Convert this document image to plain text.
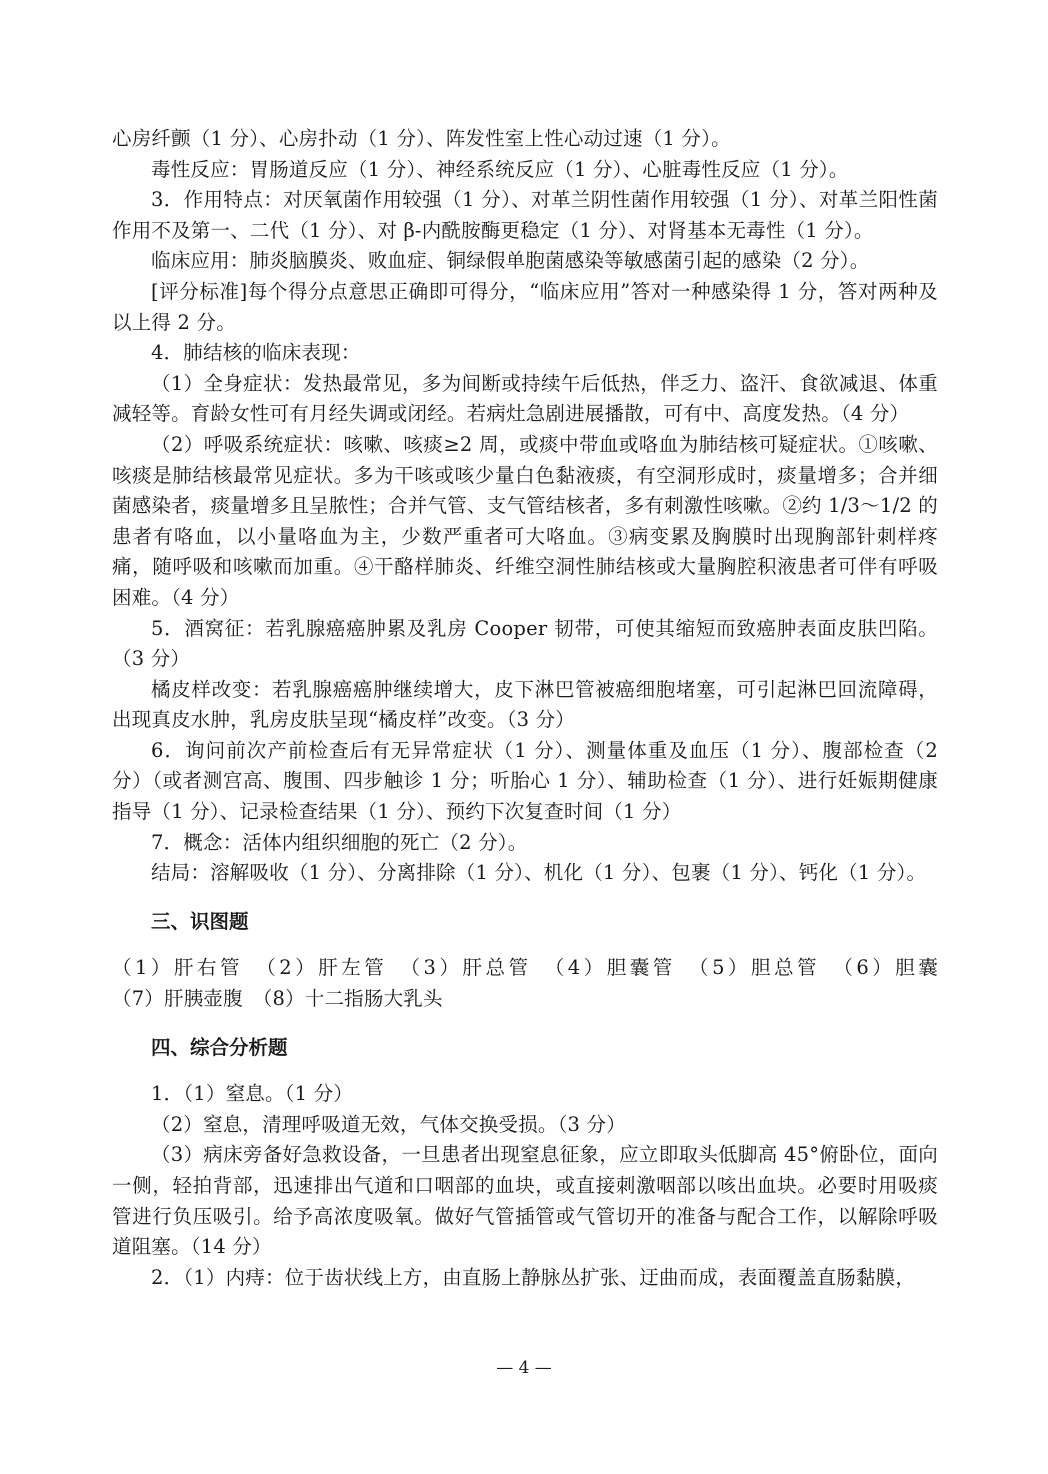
心房纤颤（1 分）、心房扑动（1 分）、阵发性室上性心动过速（1 分）。

毒性反应：胃肠道反应（1 分）、神经系统反应（1 分）、心脏毒性反应（1 分）。

3．作用特点：对厌氧菌作用较强（1 分）、对革兰阴性菌作用较强（1 分）、对革兰阳性菌作用不及第一、二代（1 分）、对 β-内酰胺酶更稳定（1 分）、对肾基本无毒性（1 分）。

临床应用：肺炎脑膜炎、败血症、铜绿假单胞菌感染等敏感菌引起的感染（2 分）。

[评分标准]每个得分点意思正确即可得分，“临床应用”答对一种感染得 1 分，答对两种及以上得 2 分。

4．肺结核的临床表现：

（1）全身症状：发热最常见，多为间断或持续午后低热，伴乏力、盗汗、食欲减退、体重减轻等。育龄女性可有月经失调或闭经。若病灶急剧进展播散，可有中、高度发热。（4 分）

（2）呼吸系统症状：咳嗽、咳痰≥2 周，或痰中带血或咯血为肺结核可疑症状。①咳嗽、咳痰是肺结核最常见症状。多为干咳或咳少量白色黏液痰，有空洞形成时，痰量增多；合并细菌感染者，痰量增多且呈脓性；合并气管、支气管结核者，多有刺激性咳嗽。②约 1/3～1/2 的患者有咯血，以小量咯血为主，少数严重者可大咯血。③病变累及胸膜时出现胸部针刺样疼痛，随呼吸和咳嗽而加重。④干酪样肺炎、纤维空洞性肺结核或大量胸腔积液患者可伴有呼吸困难。（4 分）

5．酒窝征：若乳腺癌癌肿累及乳房 Cooper 韧带，可使其缩短而致癌肿表面皮肤凹陷。（3 分）

橘皮样改变：若乳腺癌癌肿继续增大，皮下淋巴管被癌细胞堵塞，可引起淋巴回流障碍，出现真皮水肿，乳房皮肤呈现“橘皮样”改变。（3 分）

6．询问前次产前检查后有无异常症状（1 分）、测量体重及血压（1 分）、腹部检查（2 分）（或者测宫高、腹围、四步触诊 1 分；听胎心 1 分）、辅助检查（1 分）、进行妊娠期健康指导（1 分）、记录检查结果（1 分）、预约下次复查时间（1 分）

7．概念：活体内组织细胞的死亡（2 分）。

结局：溶解吸收（1 分）、分离排除（1 分）、机化（1 分）、包裹（1 分）、钙化（1 分）。

三、识图题

（1）肝右管　（2）肝左管　（3）肝总管　（4）胆囊管　（5）胆总管　（6）胆囊

（7）肝胰壶腹　（8）十二指肠大乳头

四、综合分析题

1．（1）窒息。（1 分）

（2）窒息，清理呼吸道无效，气体交换受损。（3 分）

（3）病床旁备好急救设备，一旦患者出现窒息征象，应立即取头低脚高 45°俯卧位，面向一侧，轻拍背部，迅速排出气道和口咽部的血块，或直接刺激咽部以咳出血块。必要时用吸痰管进行负压吸引。给予高浓度吸氧。做好气管插管或气管切开的准备与配合工作，以解除呼吸道阻塞。（14 分）

2．（1）内痔：位于齿状线上方，由直肠上静脉丛扩张、迂曲而成，表面覆盖直肠黏膜，

— 4 —
